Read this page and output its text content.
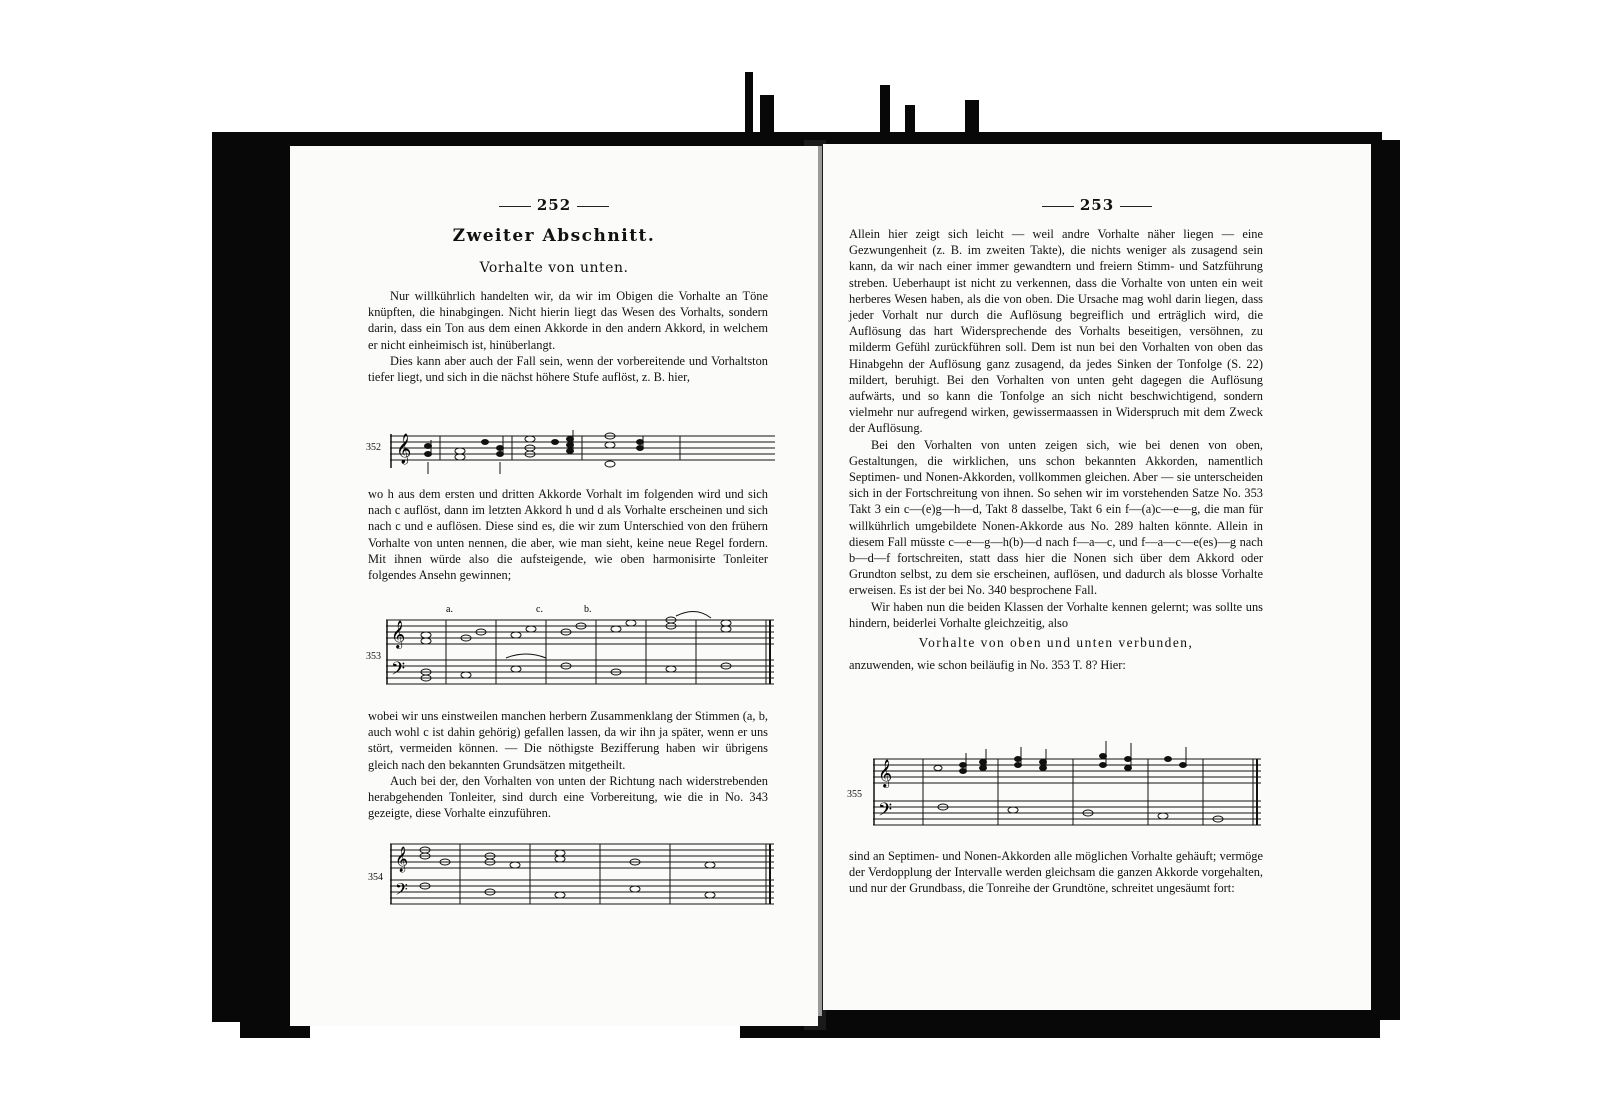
252
Zweiter Abschnitt.
Vorhalte von unten.

Nur willkührlich handelten wir, da wir im Obigen die Vorhalte an Töne knüpften, die hinabgingen. Nicht hierin liegt das Wesen des Vorhalts, sondern darin, dass ein Ton aus dem einen Akkorde in den andern Akkord, in welchem er nicht einheimisch ist, hinüberlangt.

Dies kann aber auch der Fall sein, wenn der vorbereitende und Vorhaltston tiefer liegt, und sich in die nächst höhere Stufe auflöst, z. B. hier,

352 𝄞

wo h aus dem ersten und dritten Akkorde Vorhalt im folgenden wird und sich nach c auflöst, dann im letzten Akkord h und d als Vorhalte erscheinen und sich nach c und e auflösen. Diese sind es, die wir zum Unterschied von den frühern Vorhalte von unten nennen, die aber, wie man sieht, keine neue Regel fordern. Mit ihnen würde also die aufsteigende, wie oben harmonisirte Tonleiter folgendes Ansehn gewinnen;

353
a.	c.	b.
𝄞
𝄢

wobei wir uns einstweilen manchen herbern Zusammenklang der Stimmen (a, b, auch wohl c ist dahin gehörig) gefallen lassen, da wir ihn ja später, wenn er uns stört, vermeiden können. — Die nöthigste Bezifferung haben wir übrigens gleich nach den bekannten Grundsätzen mitgetheilt.

Auch bei der, den Vorhalten von unten der Richtung nach widerstrebenden herabgehenden Tonleiter, sind durch eine Vorbereitung, wie die in No. 343 gezeigte, diese Vorhalte einzuführen.

354
𝄞
𝄢
253

Allein hier zeigt sich leicht — weil andre Vorhalte näher liegen — eine Gezwungenheit (z. B. im zweiten Takte), die nichts weniger als zusagend sein kann, da wir nach einer immer gewandtern und freiern Stimm- und Satzführung streben. Ueberhaupt ist nicht zu verkennen, dass die Vorhalte von unten ein weit herberes Wesen haben, als die von oben. Die Ursache mag wohl darin liegen, dass jeder Vorhalt nur durch die Auflösung begreiflich und erträglich wird, die Auflösung das hart Widersprechende des Vorhalts beseitigen, versöhnen, zu milderm Gefühl zurückführen soll. Dem ist nun bei den Vorhalten von oben das Hinabgehn der Auflösung ganz zusagend, da jedes Sinken der Tonfolge (S. 22) mildert, beruhigt. Bei den Vorhalten von unten geht dagegen die Auflösung aufwärts, und so kann die Tonfolge an sich nicht beschwichtigend, sondern vielmehr nur aufregend wirken, gewissermaassen in Widerspruch mit dem Zweck der Auflösung.

Bei den Vorhalten von unten zeigen sich, wie bei denen von oben, Gestaltungen, die wirklichen, uns schon bekannten Akkorden, namentlich Septimen- und Nonen-Akkorden, vollkommen gleichen. Aber — sie unterscheiden sich in der Fortschreitung von ihnen. So sehen wir im vorstehenden Satze No. 353 Takt 3 ein c—(e)g—h—d, Takt 8 dasselbe, Takt 6 ein f—(a)c—e—g, die man für willkührlich umgebildete Nonen-Akkorde aus No. 289 halten könnte. Allein in diesem Fall müsste c—e—g—h(b)—d nach f—a—c, und f—a—c—e(es)—g nach b—d—f fortschreiten, statt dass hier die Nonen sich über dem Akkord oder Grundton selbst, zu dem sie erscheinen, auflösen, und dadurch als blosse Vorhalte erweisen. Es ist der bei No. 340 besprochene Fall.

Wir haben nun die beiden Klassen der Vorhalte kennen gelernt; was sollte uns hindern, beiderlei Vorhalte gleichzeitig, also

Vorhalte von oben und unten verbunden,

anzuwenden, wie schon beiläufig in No. 353 T. 8? Hier:

355
𝄞
𝄢

sind an Septimen- und Nonen-Akkorden alle möglichen Vorhalte gehäuft; vermöge der Verdopplung der Intervalle werden gleichsam die ganzen Akkorde vorgehalten, und nur der Grundbass, die Tonreihe der Grundtöne, schreitet ungesäumt fort:
